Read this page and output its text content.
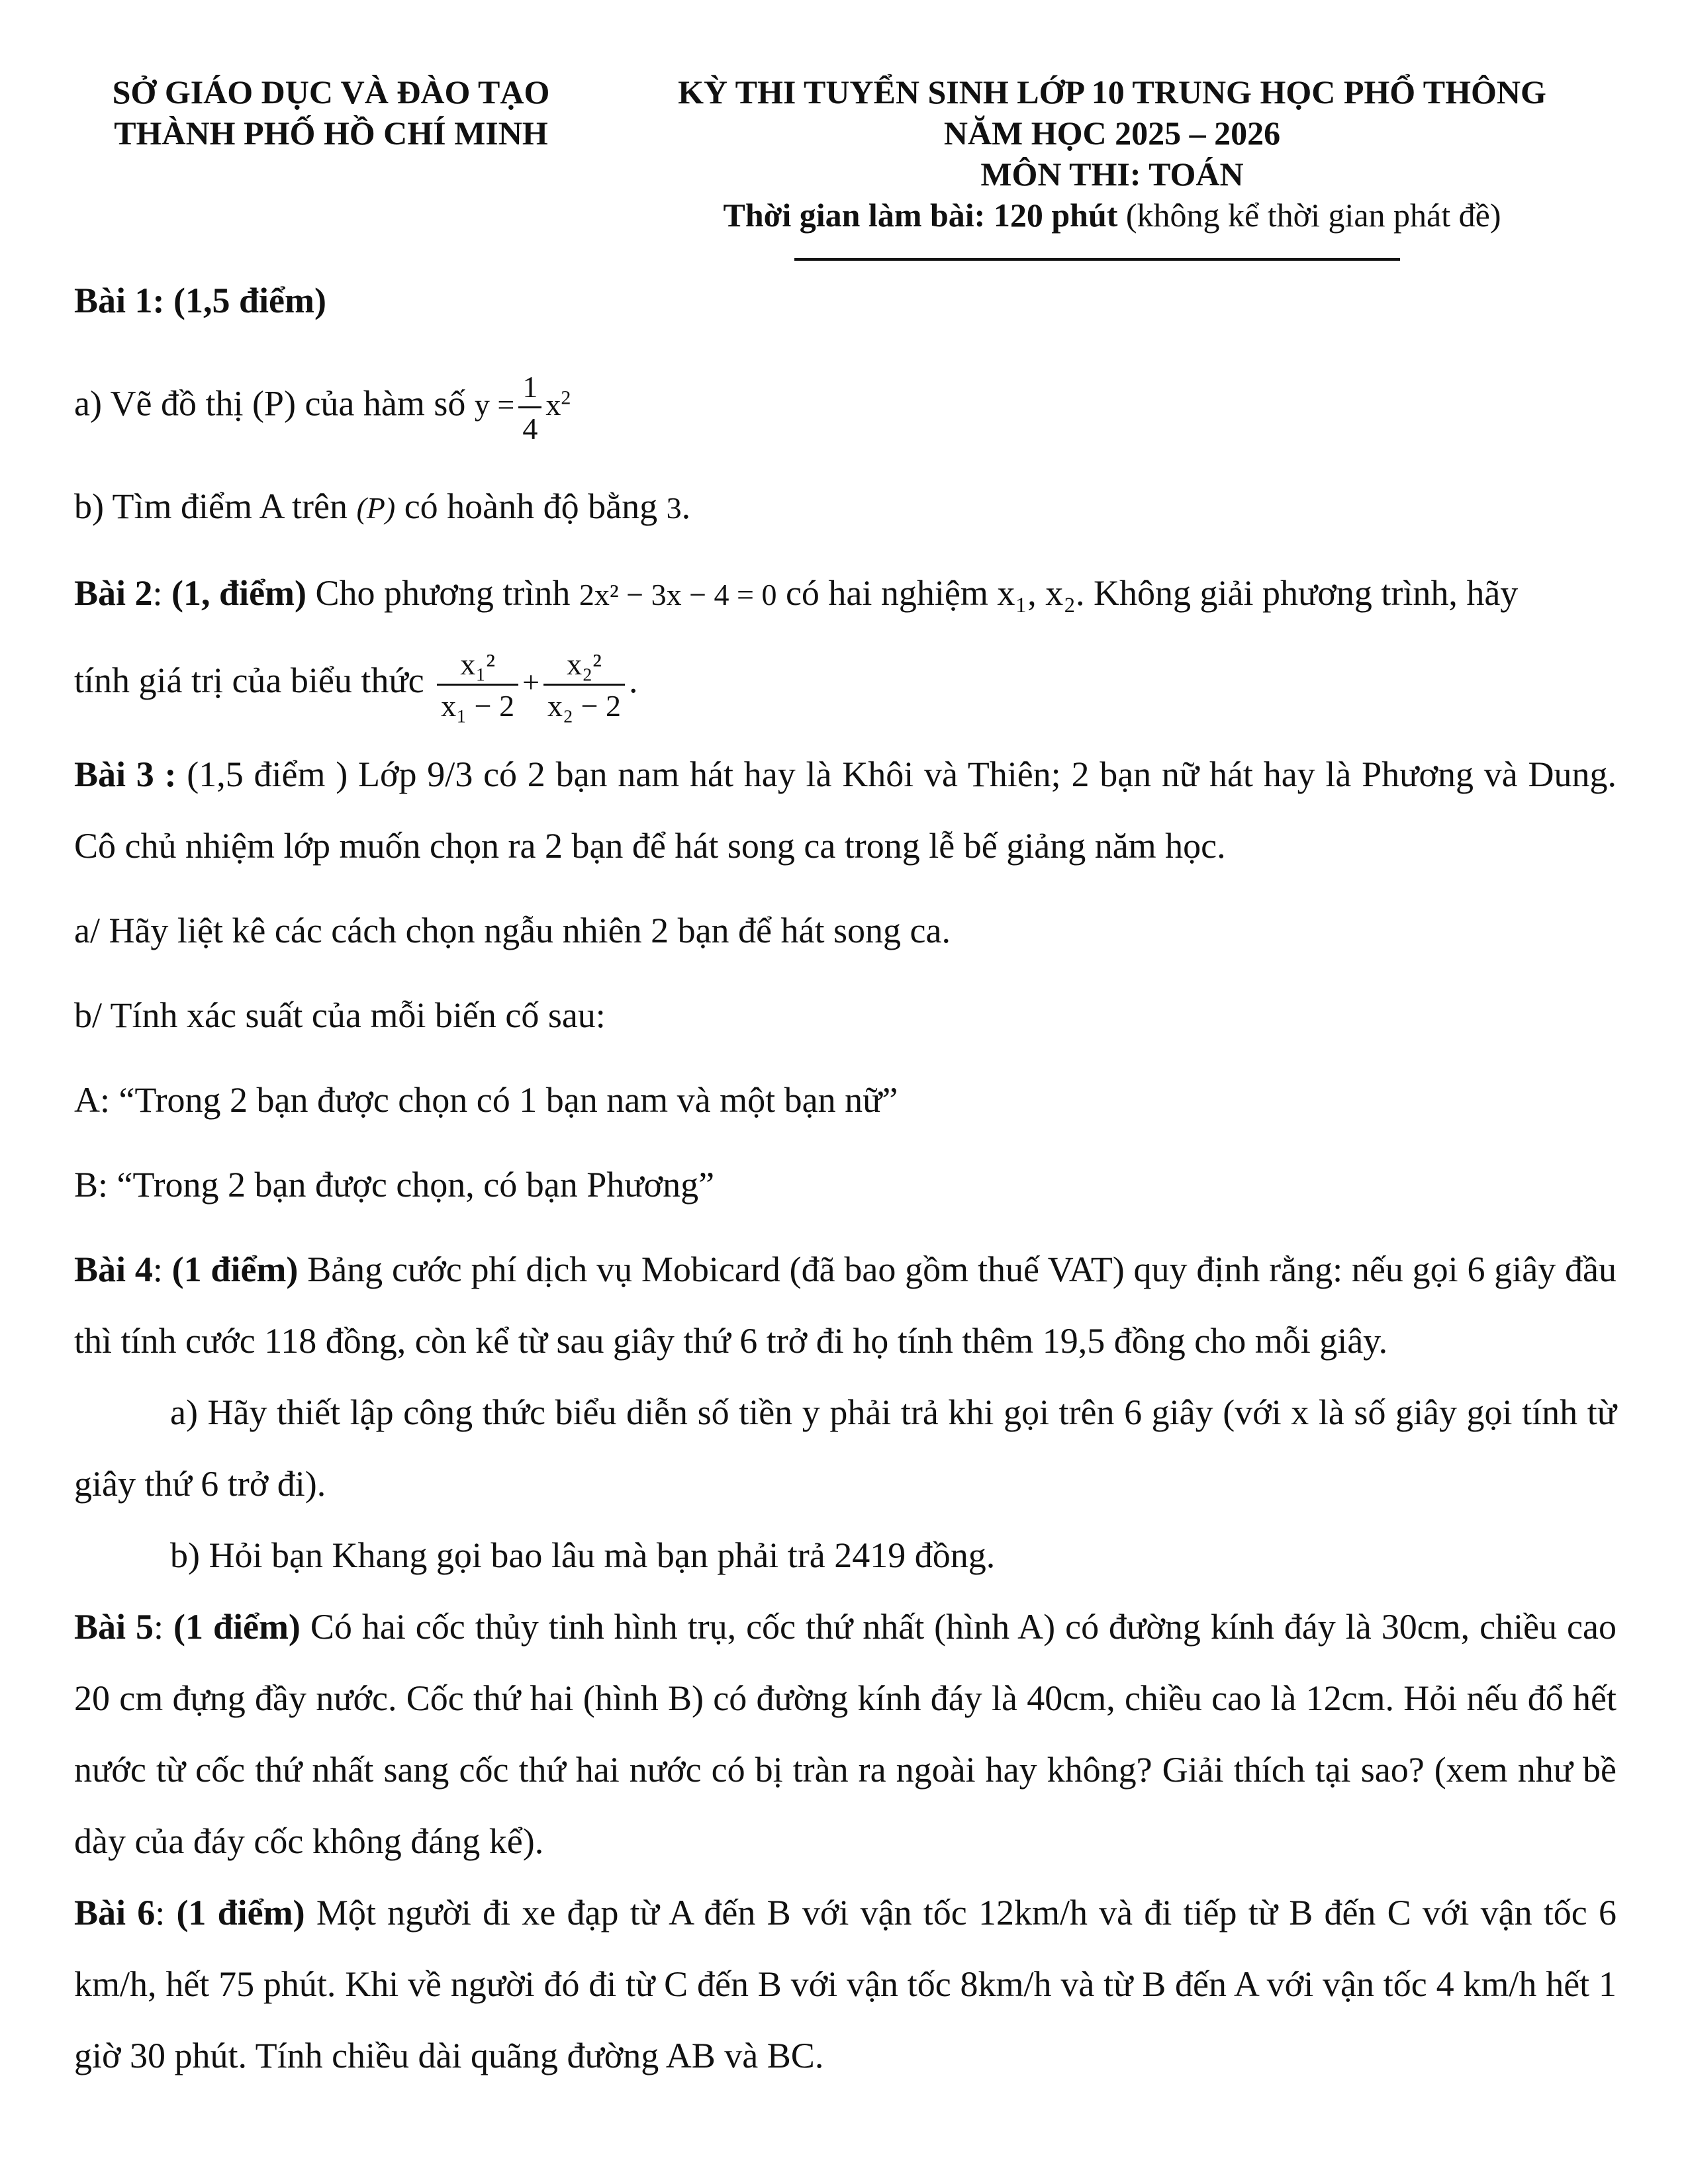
SỞ GIÁO DỤC VÀ ĐÀO TẠO
THÀNH PHỐ HỒ CHÍ MINH
KỲ THI TUYỂN SINH LỚP 10 TRUNG HỌC PHỔ THÔNG
NĂM HỌC 2025 – 2026
MÔN THI: TOÁN
Thời gian làm bài: 120 phút (không kể thời gian phát đề)

Bài 1: (1,5 điểm)

a) Vẽ đồ thị (P) của hàm số $y = \frac{1}{4} x^2$

b) Tìm điểm A trên (P) có hoành độ bằng 3.

Bài 2: (1, điểm) Cho phương trình 2x² − 3x − 4 = 0 có hai nghiệm x₁, x₂. Không giải phương trình, hãy

tính giá trị của biểu thức $\frac{\text{x₁²}}{\text{x₁ − 2}} + \frac{\text{x₂²}}{\text{x₂ − 2}}$ .

Bài 3 : (1,5 điểm ) Lớp 9/3 có 2 bạn nam hát hay là Khôi và Thiên; 2 bạn nữ hát hay là Phương và Dung. Cô chủ nhiệm lớp muốn chọn ra 2 bạn để hát song ca trong lễ bế giảng năm học.

a/ Hãy liệt kê các cách chọn ngẫu nhiên 2 bạn để hát song ca.

b/ Tính xác suất của mỗi biến cố sau:

A: “Trong 2 bạn được chọn có 1 bạn nam và một bạn nữ”

B: “Trong 2 bạn được chọn, có bạn Phương”

Bài 4: (1 điểm) Bảng cước phí dịch vụ Mobicard (đã bao gồm thuế VAT) quy định rằng: nếu gọi 6 giây đầu thì tính cước 118 đồng, còn kể từ sau giây thứ 6 trở đi họ tính thêm 19,5 đồng cho mỗi giây.

a) Hãy thiết lập công thức biểu diễn số tiền y phải trả khi gọi trên 6 giây (với x là số giây gọi tính từ giây thứ 6 trở đi).

b) Hỏi bạn Khang gọi bao lâu mà bạn phải trả 2419 đồng.

Bài 5: (1 điểm) Có hai cốc thủy tinh hình trụ, cốc thứ nhất (hình A) có đường kính đáy là 30cm, chiều cao 20 cm đựng đầy nước. Cốc thứ hai (hình B) có đường kính đáy là 40cm, chiều cao là 12cm. Hỏi nếu đổ hết nước từ cốc thứ nhất sang cốc thứ hai nước có bị tràn ra ngoài hay không? Giải thích tại sao? (xem như bề dày của đáy cốc không đáng kể).

Bài 6: (1 điểm) Một người đi xe đạp từ A đến B với vận tốc 12km/h và đi tiếp từ B đến C với vận tốc 6 km/h, hết 75 phút. Khi về người đó đi từ C đến B với vận tốc 8km/h và từ B đến A với vận tốc 4 km/h hết 1 giờ 30 phút. Tính chiều dài quãng đường AB và BC.
